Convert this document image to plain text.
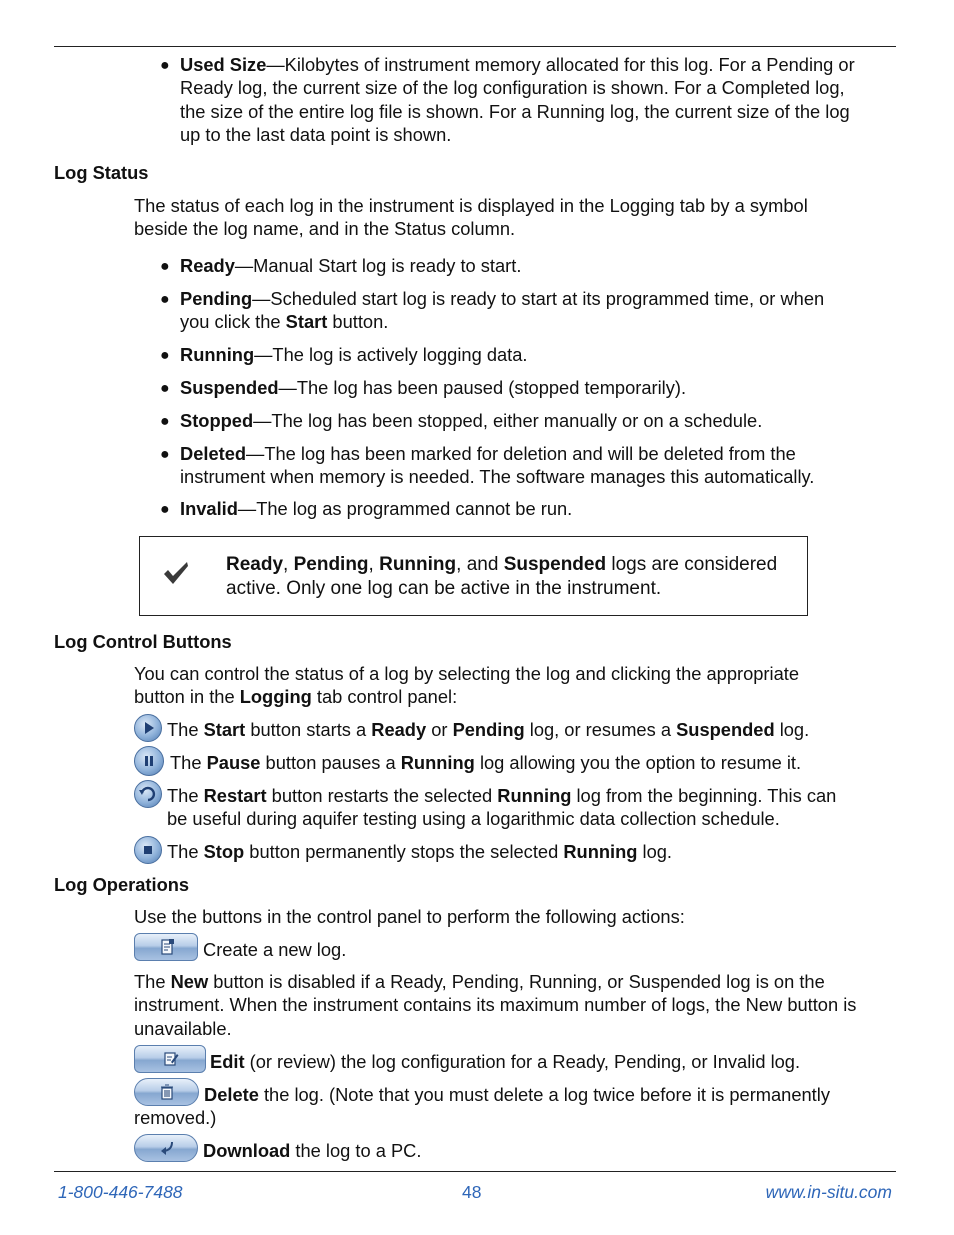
● Used Size—Kilobytes of instrument memory allocated for this log. For a Pending or Ready log, the current size of the log configuration is shown. For a Completed log, the size of the entire log file is shown. For a Running log, the current size of the log up to the last data point is shown.
Log Status
The status of each log in the instrument is displayed in the Logging tab by a symbol beside the log name, and in the Status column.
● Ready—Manual Start log is ready to start.
● Pending—Scheduled start log is ready to start at its programmed time, or when you click the Start button.
● Running—The log is actively logging data.
● Suspended—The log has been paused (stopped temporarily).
● Stopped—The log has been stopped, either manually or on a schedule.
● Deleted—The log has been marked for deletion and will be deleted from the instrument when memory is needed. The software manages this automatically.
● Invalid—The log as programmed cannot be run.
Ready, Pending, Running, and Suspended logs are considered active. Only one log can be active in the instrument.
Log Control Buttons
You can control the status of a log by selecting the log and clicking the appropriate button in the Logging tab control panel:
The Start button starts a Ready or Pending log, or resumes a Suspended log.
The Pause button pauses a Running log allowing you the option to resume it.
The Restart button restarts the selected Running log from the beginning. This can be useful during aquifer testing using a logarithmic data collection schedule.
The Stop button permanently stops the selected Running log.
Log Operations
Use the buttons in the control panel to perform the following actions:
Create a new log.
The New button is disabled if a Ready, Pending, Running, or Suspended log is on the instrument. When the instrument contains its maximum number of logs, the New button is unavailable.
Edit (or review) the log configuration for a Ready, Pending, or Invalid log.
Delete the log. (Note that you must delete a log twice before it is permanently removed.)
Download the log to a PC.
1-800-446-7488	48	www.in-situ.com
